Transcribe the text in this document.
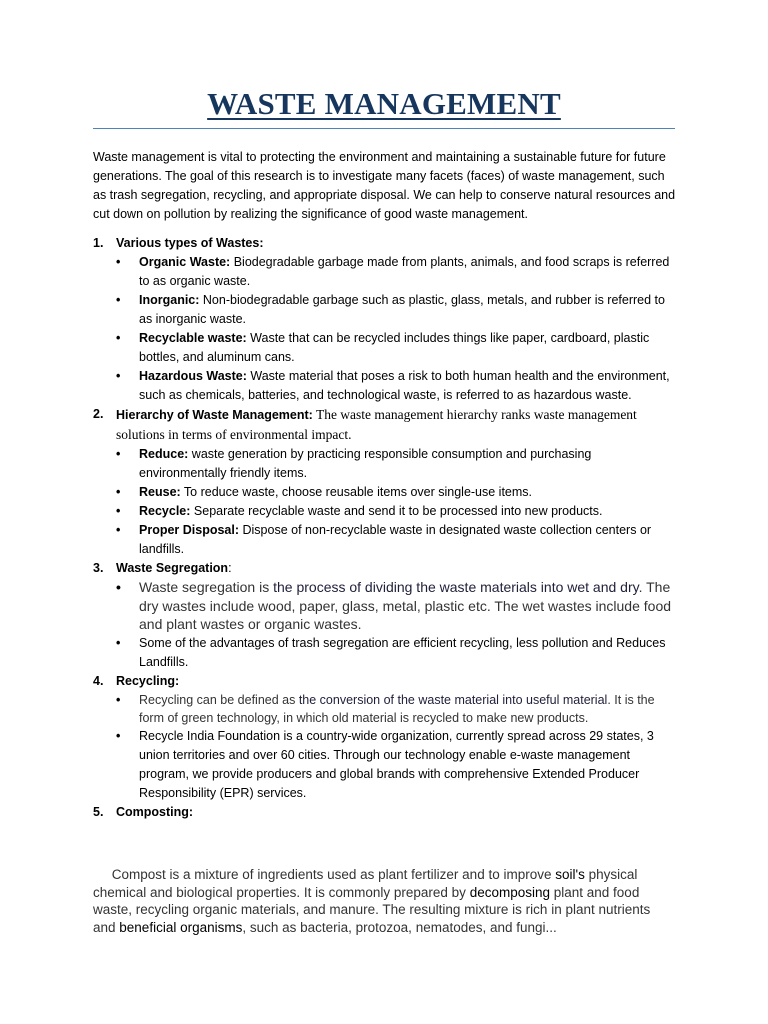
WASTE MANAGEMENT

Waste management is vital to protecting the environment and maintaining a sustainable future for future generations. The goal of this research is to investigate many facets (faces) of waste management, such as trash segregation, recycling, and appropriate disposal. We can help to conserve natural resources and cut down on pollution by realizing the significance of good waste management.

1. Various types of Wastes:
• Organic Waste: Biodegradable garbage made from plants, animals, and food scraps is referred to as organic waste.
• Inorganic: Non-biodegradable garbage such as plastic, glass, metals, and rubber is referred to as inorganic waste.
• Recyclable waste: Waste that can be recycled includes things like paper, cardboard, plastic bottles, and aluminum cans.
• Hazardous Waste: Waste material that poses a risk to both human health and the environment, such as chemicals, batteries, and technological waste, is referred to as hazardous waste.
2. Hierarchy of Waste Management: The waste management hierarchy ranks waste management solutions in terms of environmental impact.
• Reduce: waste generation by practicing responsible consumption and purchasing environmentally friendly items.
• Reuse: To reduce waste, choose reusable items over single-use items.
• Recycle: Separate recyclable waste and send it to be processed into new products.
• Proper Disposal: Dispose of non-recyclable waste in designated waste collection centers or landfills.
3. Waste Segregation:
• Waste segregation is the process of dividing the waste materials into wet and dry. The dry wastes include wood, paper, glass, metal, plastic etc. The wet wastes include food and plant wastes or organic wastes.
• Some of the advantages of trash segregation are efficient recycling, less pollution and Reduces Landfills.
4. Recycling:
• Recycling can be defined as the conversion of the waste material into useful material. It is the form of green technology, in which old material is recycled to make new products.
• Recycle India Foundation is a country-wide organization, currently spread across 29 states, 3 union territories and over 60 cities. Through our technology enable e-waste management program, we provide producers and global brands with comprehensive Extended Producer Responsibility (EPR) services.
5. Composting:

Compost is a mixture of ingredients used as plant fertilizer and to improve soil's physical chemical and biological properties. It is commonly prepared by decomposing plant and food waste, recycling organic materials, and manure. The resulting mixture is rich in plant nutrients and beneficial organisms, such as bacteria, protozoa, nematodes, and fungi...
